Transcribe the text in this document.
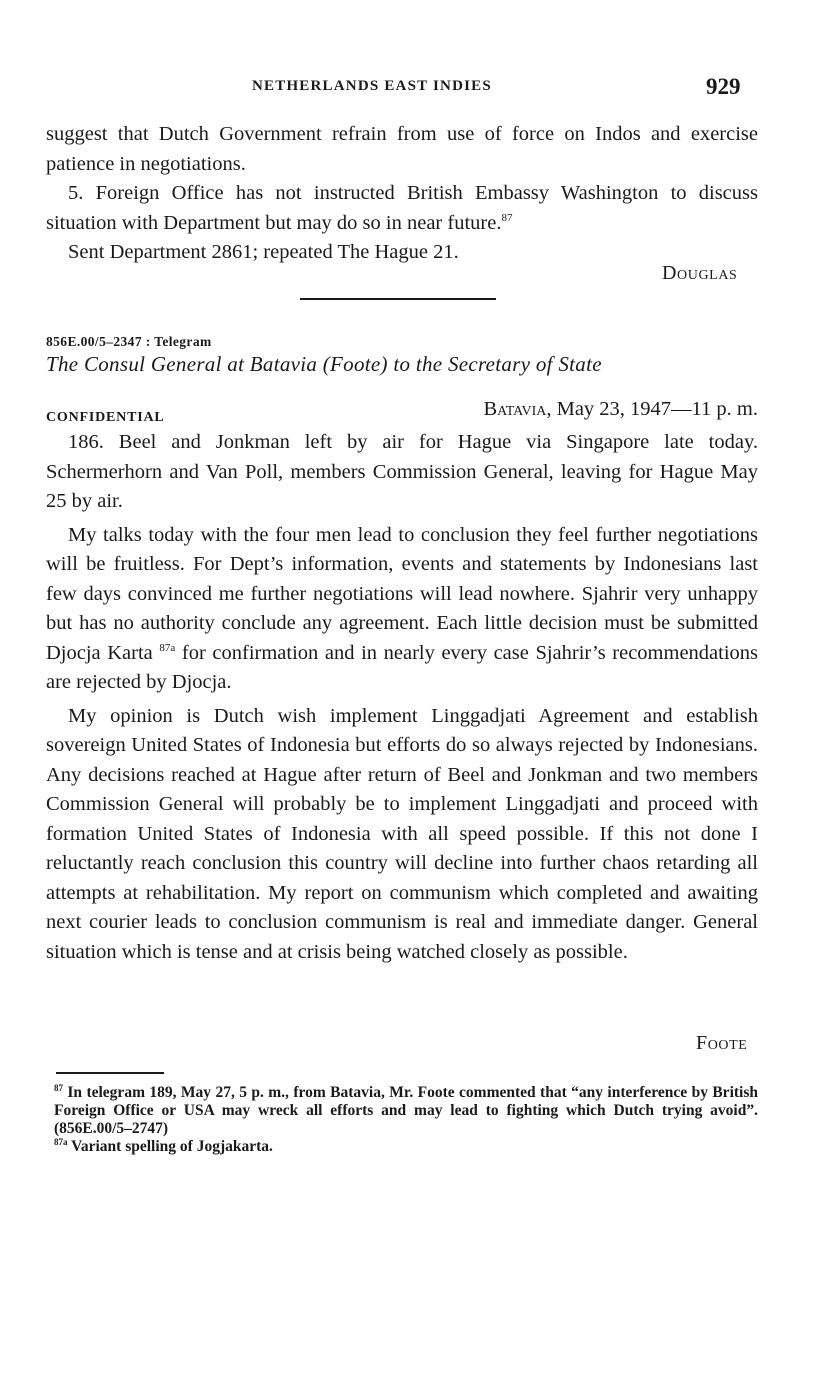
NETHERLANDS EAST INDIES	929

suggest that Dutch Government refrain from use of force on Indos and exercise patience in negotiations.

5. Foreign Office has not instructed British Embassy Washington to discuss situation with Department but may do so in near future.$^{87}$

Sent Department 2861; repeated The Hague 21.

Douglas
856E.00/5–2347 : Telegram
The Consul General at Batavia (Foote) to the Secretary of State
CONFIDENTIAL	Batavia, May 23, 1947—11 p. m.

186. Beel and Jonkman left by air for Hague via Singapore late today. Schermerhorn and Van Poll, members Commission General, leaving for Hague May 25 by air.

My talks today with the four men lead to conclusion they feel further negotiations will be fruitless. For Dept’s information, events and statements by Indonesians last few days convinced me further negotiations will lead nowhere. Sjahrir very unhappy but has no authority conclude any agreement. Each little decision must be submitted Djocja Karta $^{87a}$ for confirmation and in nearly every case Sjahrir’s recommendations are rejected by Djocja.

My opinion is Dutch wish implement Linggadjati Agreement and establish sovereign United States of Indonesia but efforts do so always rejected by Indonesians. Any decisions reached at Hague after return of Beel and Jonkman and two members Commission General will probably be to implement Linggadjati and proceed with formation United States of Indonesia with all speed possible. If this not done I reluctantly reach conclusion this country will decline into further chaos retarding all attempts at rehabilitation. My report on communism which completed and awaiting next courier leads to conclusion communism is real and immediate danger. General situation which is tense and at crisis being watched closely as possible.

Foote

$^{87}$ In telegram 189, May 27, 5 p. m., from Batavia, Mr. Foote commented that “any interference by British Foreign Office or USA may wreck all efforts and may lead to fighting which Dutch trying avoid”. (856E.00/5–2747)

$^{87a}$ Variant spelling of Jogjakarta.
